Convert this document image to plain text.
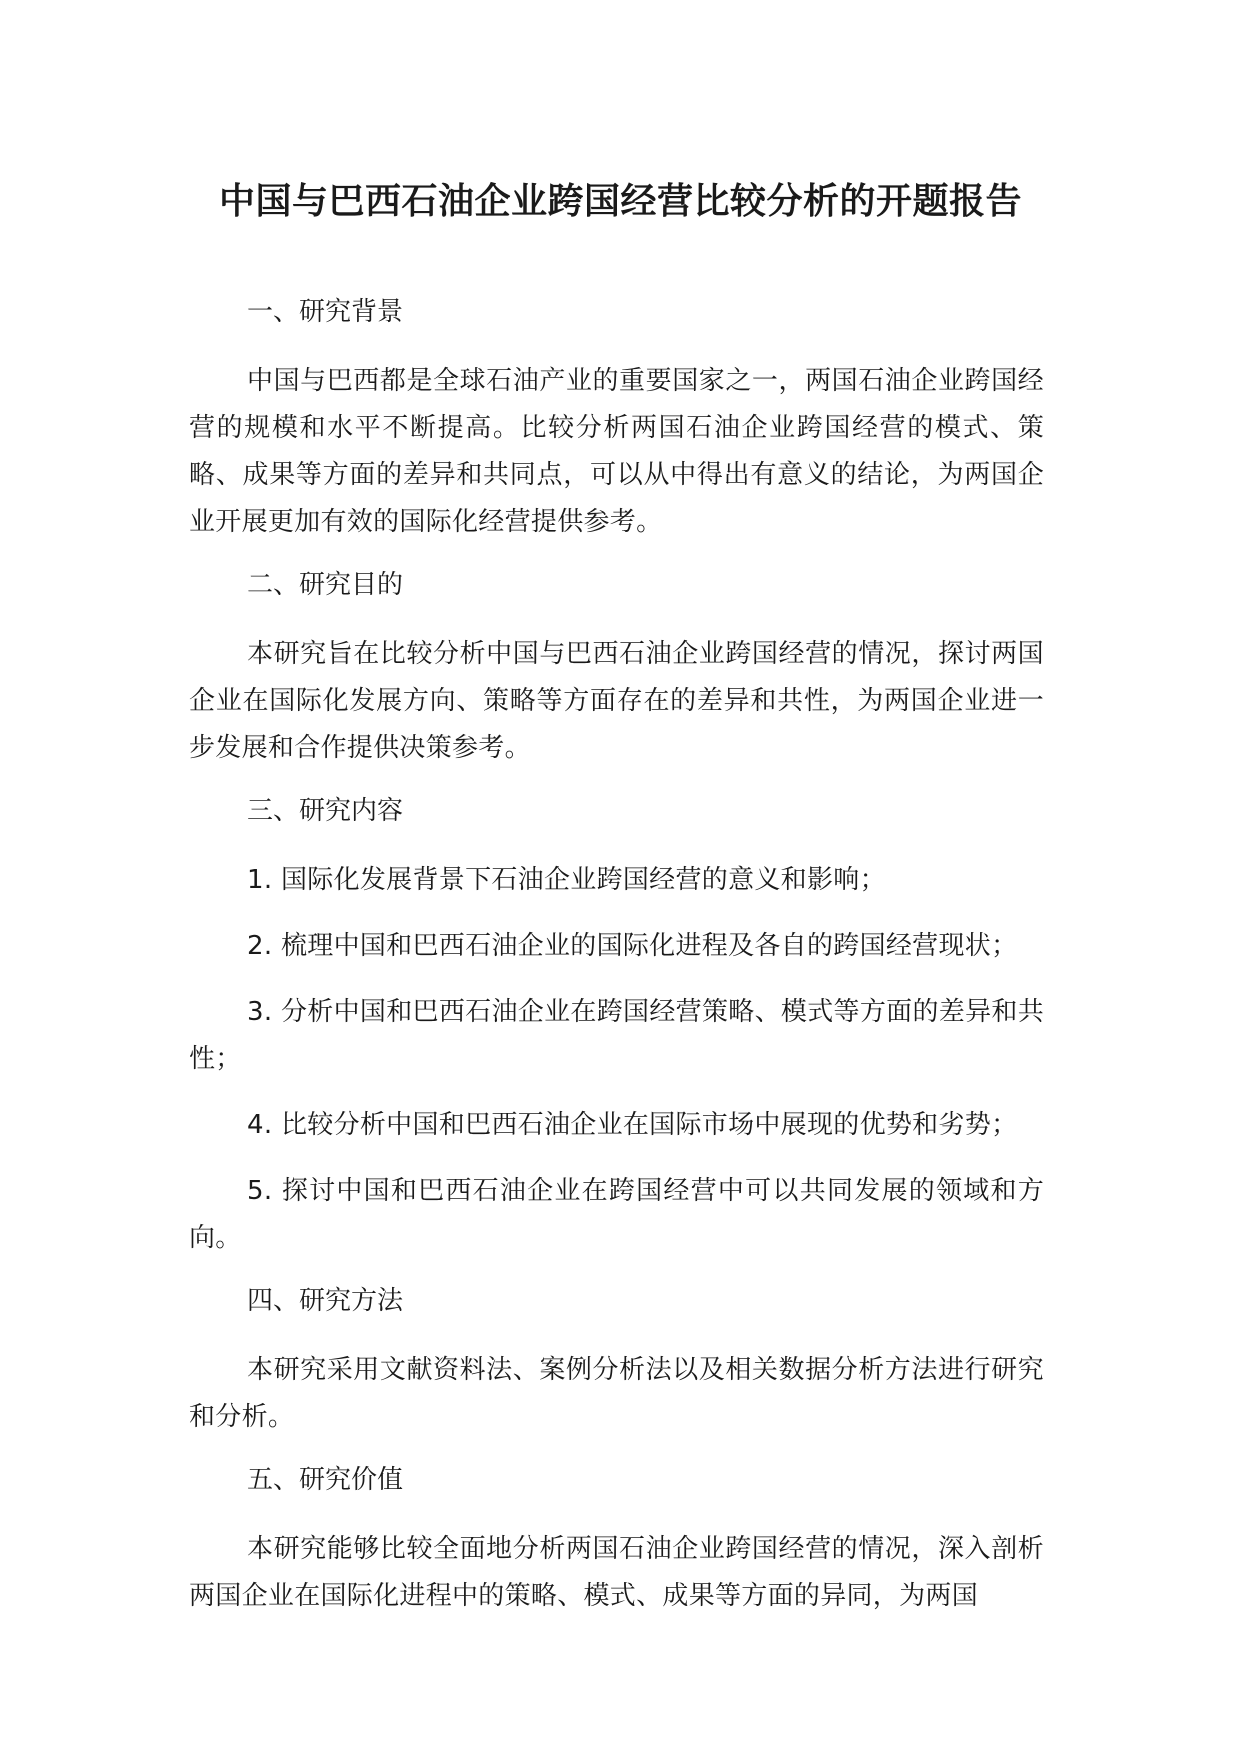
中国与巴西石油企业跨国经营比较分析的开题报告

一、研究背景

中国与巴西都是全球石油产业的重要国家之一，两国石油企业跨国经营的规模和水平不断提高。比较分析两国石油企业跨国经营的模式、策略、成果等方面的差异和共同点，可以从中得出有意义的结论，为两国企业开展更加有效的国际化经营提供参考。

二、研究目的

本研究旨在比较分析中国与巴西石油企业跨国经营的情况，探讨两国企业在国际化发展方向、策略等方面存在的差异和共性，为两国企业进一步发展和合作提供决策参考。

三、研究内容

1. 国际化发展背景下石油企业跨国经营的意义和影响；

2. 梳理中国和巴西石油企业的国际化进程及各自的跨国经营现状；

3. 分析中国和巴西石油企业在跨国经营策略、模式等方面的差异和共性；

4. 比较分析中国和巴西石油企业在国际市场中展现的优势和劣势；

5. 探讨中国和巴西石油企业在跨国经营中可以共同发展的领域和方向。

四、研究方法

本研究采用文献资料法、案例分析法以及相关数据分析方法进行研究和分析。

五、研究价值

本研究能够比较全面地分析两国石油企业跨国经营的情况，深入剖析两国企业在国际化进程中的策略、模式、成果等方面的异同，为两国
